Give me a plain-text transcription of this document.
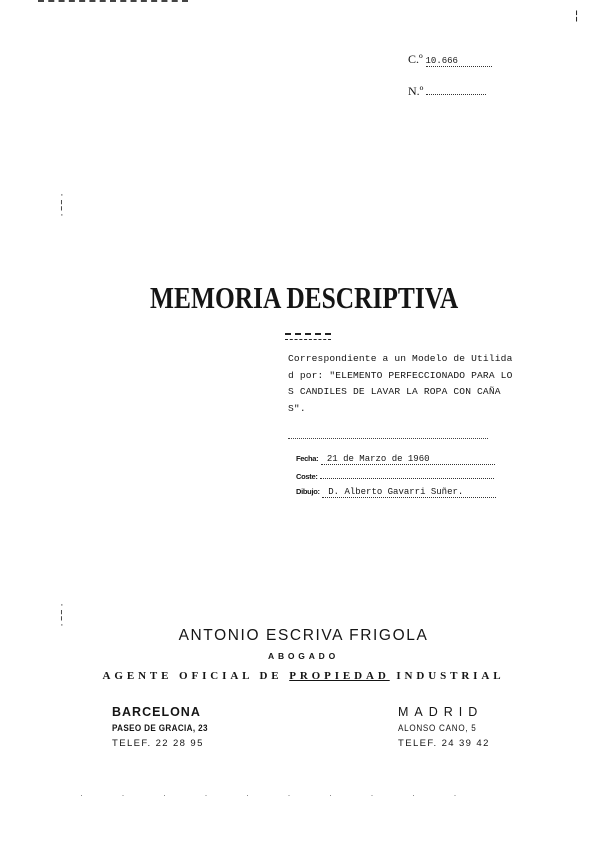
¦
C.º 10.666
N.º
·
¦
·
·
¦
·
MEMORIA DESCRIPTIVA
Correspondiente a un Modelo de Utilidad por: "ELEMENTO PERFECCIONADO PARA LOS CANDILES DE LAVAR LA ROPA CON CAÑAS".
Fecha: 21 de Marzo de 1960
Coste:
Dibujo: D. Alberto Gavarri Suñer.
ANTONIO ESCRIVA FRIGOLA
ABOGADO
AGENTE OFICIAL DE PROPIEDAD INDUSTRIAL
BARCELONA
PASEO DE GRACIA, 23
TELEF. 22 28 95
MADRID
ALONSO CANO, 5
TELEF. 24 39 42
· · · · · · · · · ·
